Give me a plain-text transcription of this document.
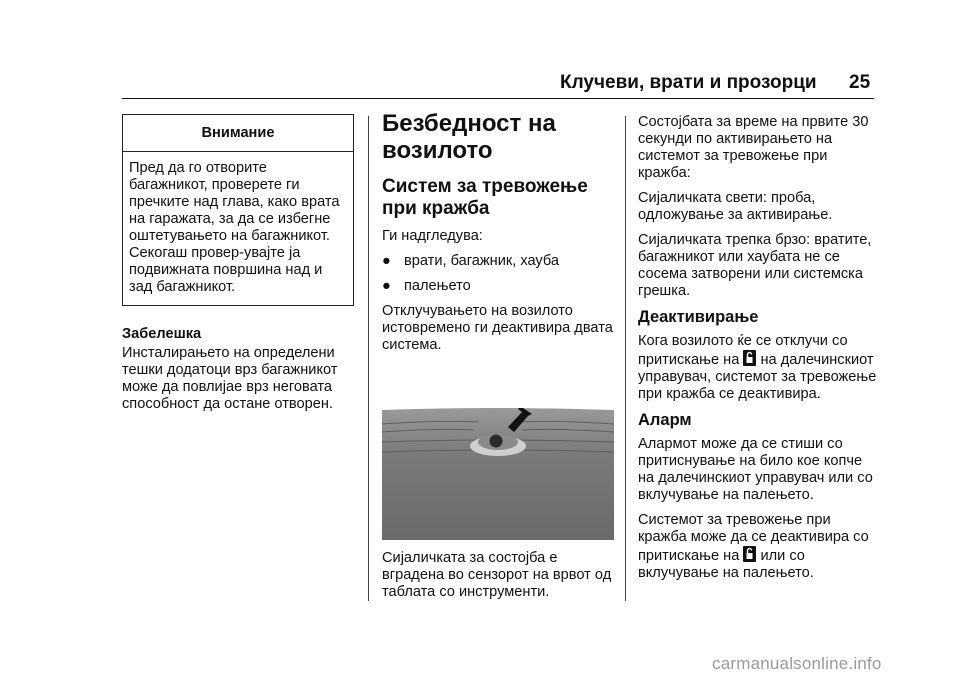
Клучеви, врати и прозорци 25
Внимание
Пред да го отворите багажникот, проверете ги пречките над глава, како врата на гаражата, за да се избегне оштетувањето на багажникот. Секогаш провер-увајте ја подвижната површина над и зад багажникот.
Забелешка

Инсталирањето на определени тешки додатоци врз багажникот може да повлијае врз неговата способност да остане отворен.

Безбедност на возилото
Систем за тревожење при кражба

Ги надгледува:

● врати, багажник, хауба
● палењето

Отклучувањето на возилото истовремено ги деактивира двата система.

Сијаличката за состојба е вградена во сензорот на врвот од таблата со инструменти.

Состојбата за време на првите 30 секунди по активирањето на системот за тревожење при кражба:

Сијаличката свети: проба, одложување за активирање.

Сијаличката трепка брзо: вратите, багажникот или хаубата не се сосема затворени или системска грешка.

Деактивирање

Кога возилото ќе се отклучи со притискање на на далечинскиот управувач, системот за тревожење при кражба се деактивира.

Аларм

Алармот може да се стиши со притиснување на било кое копче на далечинскиот управувач или со вклучување на палењето.

Системот за тревожење при кражба може да се деактивира со притискање на или со вклучување на палењето.

carmanualsonline.info
